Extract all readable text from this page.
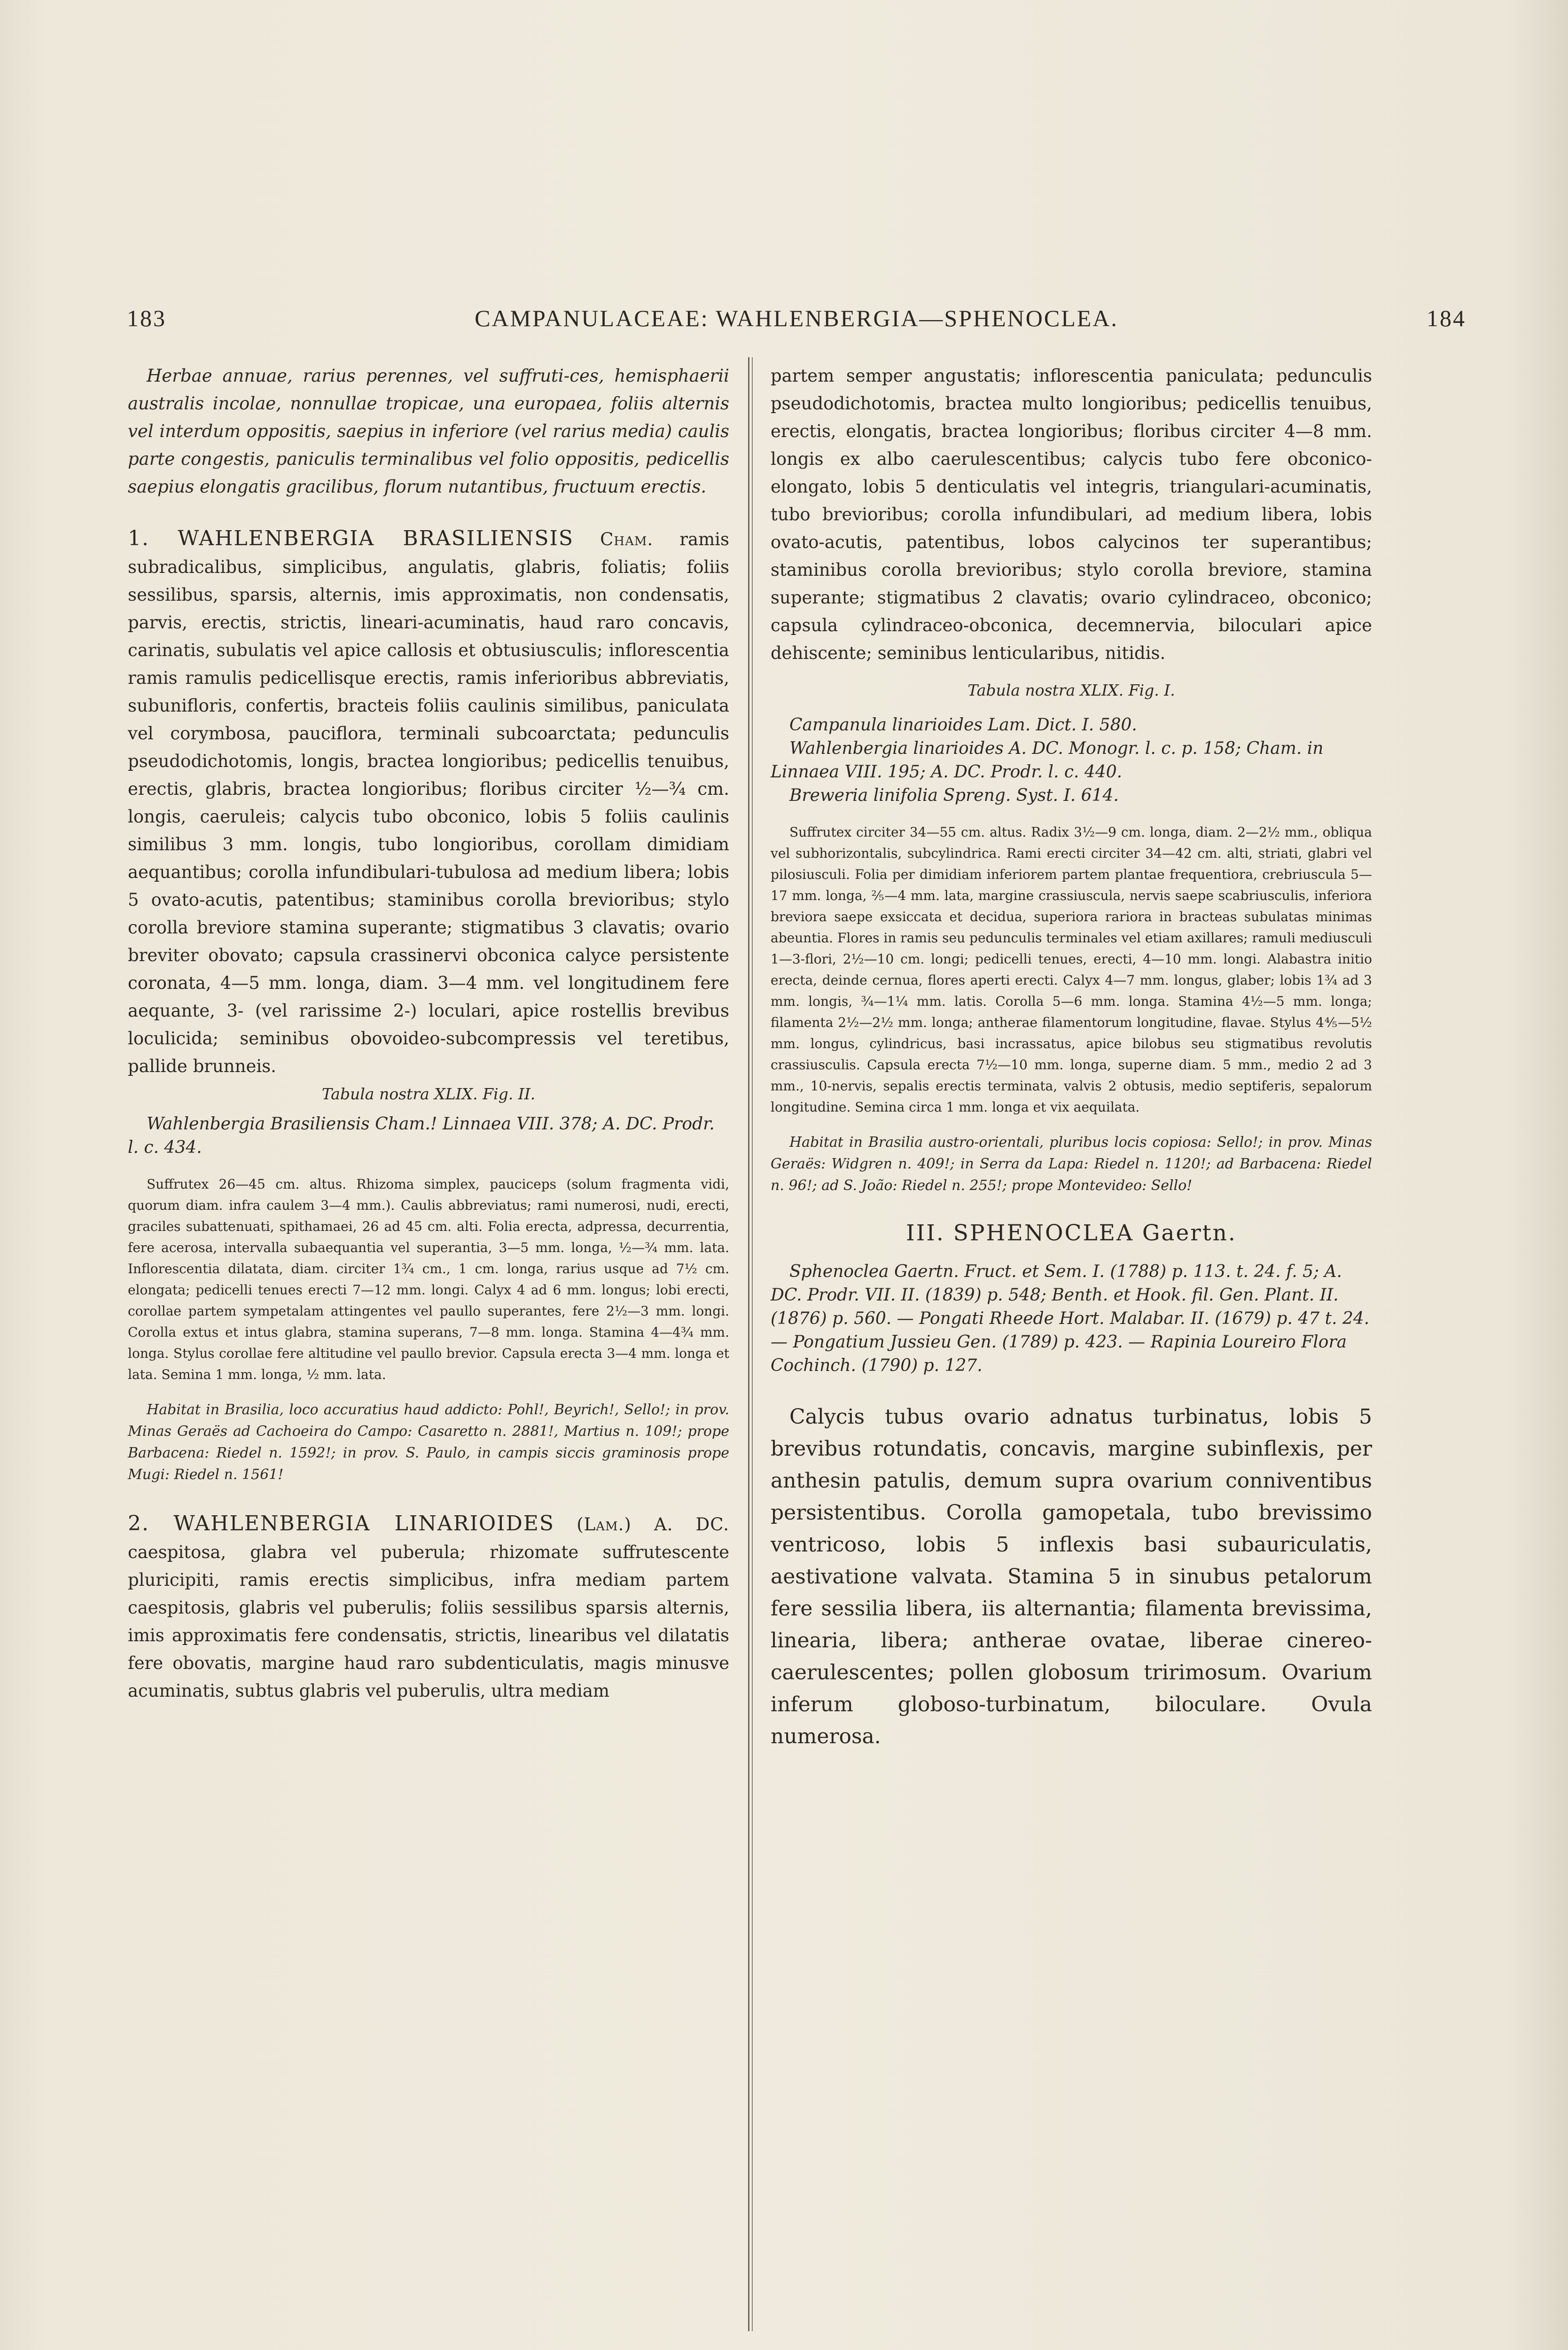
183	CAMPANULACEAE: WAHLENBERGIA—SPHENOCLEA.	184

Herbae annuae, rarius perennes, vel suffruti-ces, hemisphaerii australis incolae, nonnullae tropicae, una europaea, foliis alternis vel interdum oppositis, saepius in inferiore (vel rarius media) caulis parte congestis, paniculis terminalibus vel folio oppositis, pedicellis saepius elongatis gracilibus, florum nutantibus, fructuum erectis.

1. WAHLENBERGIA BRASILIENSIS Cham. ramis subradicalibus, simplicibus, angulatis, glabris, foliatis; foliis sessilibus, sparsis, alternis, imis approximatis, non condensatis, parvis, erectis, strictis, lineari-acuminatis, haud raro concavis, carinatis, subulatis vel apice callosis et obtusiusculis; inflorescentia ramis ramulis pedicellisque erectis, ramis inferioribus abbreviatis, subunifloris, confertis, bracteis foliis caulinis similibus, paniculata vel corymbosa, pauciflora, terminali subcoarctata; pedunculis pseudodichotomis, longis, bractea longioribus; pedicellis tenuibus, erectis, glabris, bractea longioribus; floribus circiter ½—¾ cm. longis, caeruleis; calycis tubo obconico, lobis 5 foliis caulinis similibus 3 mm. longis, tubo longioribus, corollam dimidiam aequantibus; corolla infundibulari-tubulosa ad medium libera; lobis 5 ovato-acutis, patentibus; staminibus corolla brevioribus; stylo corolla breviore stamina superante; stigmatibus 3 clavatis; ovario breviter obovato; capsula crassinervi obconica calyce persistente coronata, 4—5 mm. longa, diam. 3—4 mm. vel longitudinem fere aequante, 3- (vel rarissime 2-) loculari, apice rostellis brevibus loculicida; seminibus obovoideo-subcompressis vel teretibus, pallide brunneis.

Tabula nostra XLIX. Fig. II.

Wahlenbergia Brasiliensis Cham.! Linnaea VIII. 378; A. DC. Prodr. l. c. 434.

Suffrutex 26—45 cm. altus. Rhizoma simplex, pauciceps (solum fragmenta vidi, quorum diam. infra caulem 3—4 mm.). Caulis abbreviatus; rami numerosi, nudi, erecti, graciles subattenuati, spithamaei, 26 ad 45 cm. alti. Folia erecta, adpressa, decurrentia, fere acerosa, intervalla subaequantia vel superantia, 3—5 mm. longa, ½—¾ mm. lata. Inflorescentia dilatata, diam. circiter 1¾ cm., 1 cm. longa, rarius usque ad 7½ cm. elongata; pedicelli tenues erecti 7—12 mm. longi. Calyx 4 ad 6 mm. longus; lobi erecti, corollae partem sympetalam attingentes vel paullo superantes, fere 2½—3 mm. longi. Corolla extus et intus glabra, stamina superans, 7—8 mm. longa. Stamina 4—4¾ mm. longa. Stylus corollae fere altitudine vel paullo brevior. Capsula erecta 3—4 mm. longa et lata. Semina 1 mm. longa, ½ mm. lata.

Habitat in Brasilia, loco accuratius haud addicto: Pohl!, Beyrich!, Sello!; in prov. Minas Geraës ad Cachoeira do Campo: Casaretto n. 2881!, Martius n. 109!; prope Barbacena: Riedel n. 1592!; in prov. S. Paulo, in campis siccis graminosis prope Mugi: Riedel n. 1561!

2. WAHLENBERGIA LINARIOIDES (Lam.) A. DC. caespitosa, glabra vel puberula; rhizomate suffrutescente pluricipiti, ramis erectis simplicibus, infra mediam partem caespitosis, glabris vel puberulis; foliis sessilibus sparsis alternis, imis approximatis fere condensatis, strictis, linearibus vel dilatatis fere obovatis, margine haud raro subdenticulatis, magis minusve acuminatis, subtus glabris vel puberulis, ultra mediam

partem semper angustatis; inflorescentia paniculata; pedunculis pseudodichotomis, bractea multo longioribus; pedicellis tenuibus, erectis, elongatis, bractea longioribus; floribus circiter 4—8 mm. longis ex albo caerulescentibus; calycis tubo fere obconico-elongato, lobis 5 denticulatis vel integris, triangulari-acuminatis, tubo brevioribus; corolla infundibulari, ad medium libera, lobis ovato-acutis, patentibus, lobos calycinos ter superantibus; staminibus corolla brevioribus; stylo corolla breviore, stamina superante; stigmatibus 2 clavatis; ovario cylindraceo, obconico; capsula cylindraceo-obconica, decemnervia, biloculari apice dehiscente; seminibus lenticularibus, nitidis.

Tabula nostra XLIX. Fig. I.

Campanula linarioides Lam. Dict. I. 580.

Wahlenbergia linarioides A. DC. Monogr. l. c. p. 158; Cham. in Linnaea VIII. 195; A. DC. Prodr. l. c. 440.

Breweria linifolia Spreng. Syst. I. 614.

Suffrutex circiter 34—55 cm. altus. Radix 3½—9 cm. longa, diam. 2—2½ mm., obliqua vel subhorizontalis, subcylindrica. Rami erecti circiter 34—42 cm. alti, striati, glabri vel pilosiusculi. Folia per dimidiam inferiorem partem plantae frequentiora, crebriuscula 5—17 mm. longa, ⅖—4 mm. lata, margine crassiuscula, nervis saepe scabriusculis, inferiora breviora saepe exsiccata et decidua, superiora rariora in bracteas subulatas minimas abeuntia. Flores in ramis seu pedunculis terminales vel etiam axillares; ramuli mediusculi 1—3-flori, 2½—10 cm. longi; pedicelli tenues, erecti, 4—10 mm. longi. Alabastra initio erecta, deinde cernua, flores aperti erecti. Calyx 4—7 mm. longus, glaber; lobis 1¾ ad 3 mm. longis, ¾—1¼ mm. latis. Corolla 5—6 mm. longa. Stamina 4½—5 mm. longa; filamenta 2½—2½ mm. longa; antherae filamentorum longitudine, flavae. Stylus 4⅘—5½ mm. longus, cylindricus, basi incrassatus, apice bilobus seu stigmatibus revolutis crassiusculis. Capsula erecta 7½—10 mm. longa, superne diam. 5 mm., medio 2 ad 3 mm., 10-nervis, sepalis erectis terminata, valvis 2 obtusis, medio septiferis, sepalorum longitudine. Semina circa 1 mm. longa et vix aequilata.

Habitat in Brasilia austro-orientali, pluribus locis copiosa: Sello!; in prov. Minas Geraës: Widgren n. 409!; in Serra da Lapa: Riedel n. 1120!; ad Barbacena: Riedel n. 96!; ad S. João: Riedel n. 255!; prope Montevideo: Sello!

III. SPHENOCLEA Gaertn.

Sphenoclea Gaertn. Fruct. et Sem. I. (1788) p. 113. t. 24. f. 5; A. DC. Prodr. VII. II. (1839) p. 548; Benth. et Hook. fil. Gen. Plant. II. (1876) p. 560. — Pongati Rheede Hort. Malabar. II. (1679) p. 47 t. 24. — Pongatium Jussieu Gen. (1789) p. 423. — Rapinia Loureiro Flora Cochinch. (1790) p. 127.

Calycis tubus ovario adnatus turbinatus, lobis 5 brevibus rotundatis, concavis, margine subinflexis, per anthesin patulis, demum supra ovarium conniventibus persistentibus. Corolla gamopetala, tubo brevissimo ventricoso, lobis 5 inflexis basi subauriculatis, aestivatione valvata. Stamina 5 in sinubus petalorum fere sessilia libera, iis alternantia; filamenta brevissima, linearia, libera; antherae ovatae, liberae cinereo-caerulescentes; pollen globosum tririmosum. Ovarium inferum globoso-turbinatum, biloculare. Ovula numerosa.
